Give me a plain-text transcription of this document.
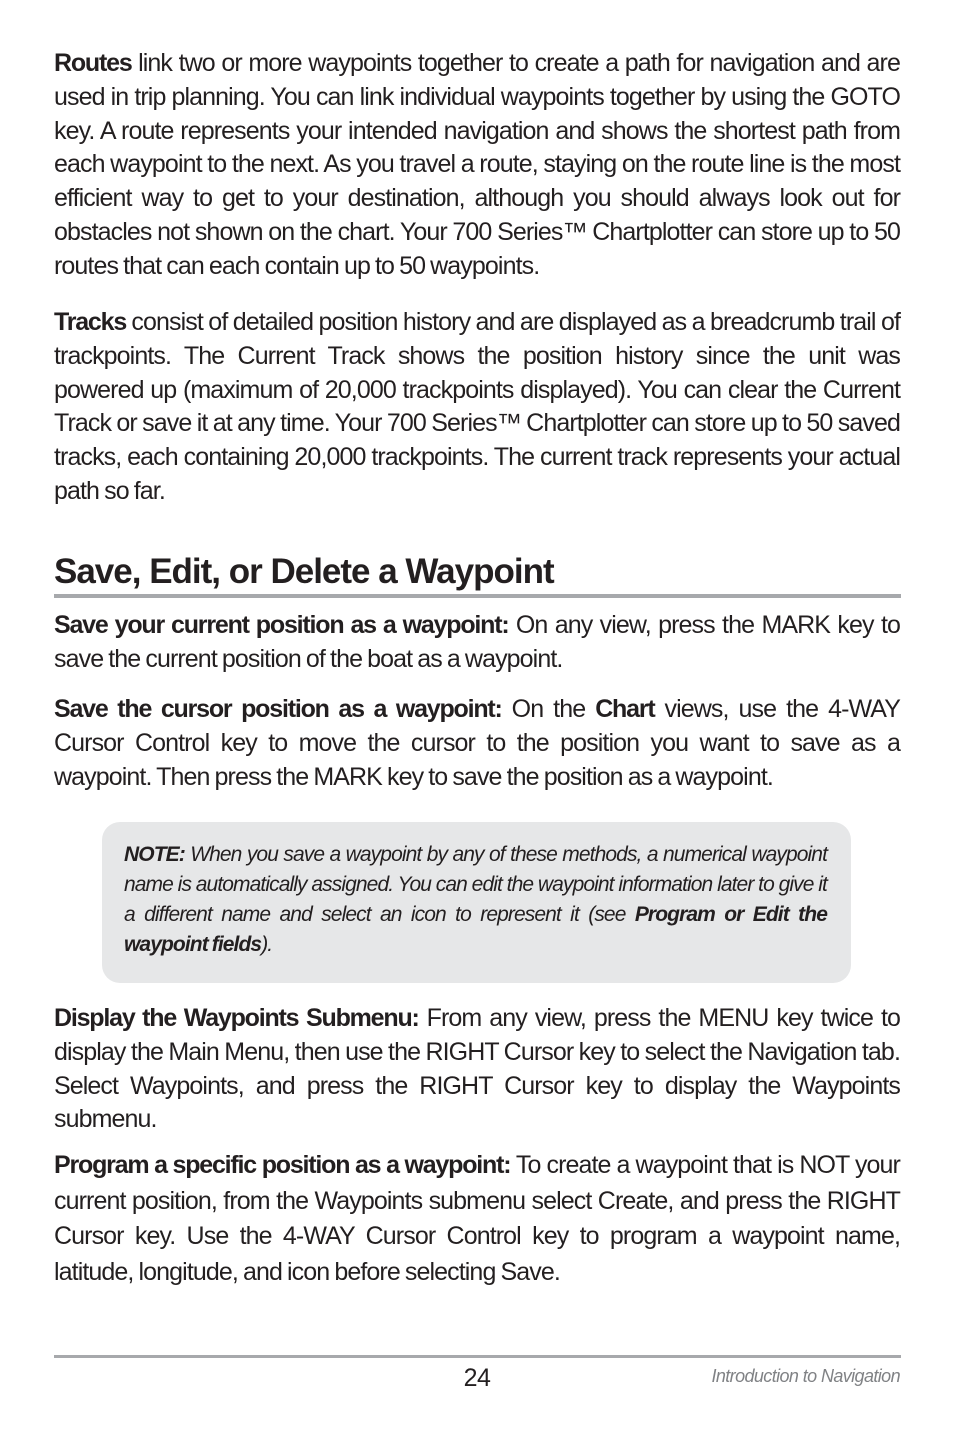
Routes link two or more waypoints together to create a path for navigation and are used in trip planning. You can link individual waypoints together by using the GOTO key. A route represents your intended navigation and shows the shortest path from each waypoint to the next. As you travel a route, staying on the route line is the most efficient way to get to your destination, although you should always look out for obstacles not shown on the chart. Your 700 Series™ Chartplotter can store up to 50 routes that can each contain up to 50 waypoints.

Tracks consist of detailed position history and are displayed as a breadcrumb trail of trackpoints. The Current Track shows the position history since the unit was powered up (maximum of 20,000 trackpoints displayed). You can clear the Current Track or save it at any time. Your 700 Series™ Chartplotter can store up to 50 saved tracks, each containing 20,000 trackpoints. The current track represents your actual path so far.

Save, Edit, or Delete a Waypoint

Save your current position as a waypoint: On any view, press the MARK key to save the current position of the boat as a waypoint.

Save the cursor position as a waypoint: On the Chart views, use the 4-WAY Cursor Control key to move the cursor to the position you want to save as a waypoint. Then press the MARK key to save the position as a waypoint.

NOTE: When you save a waypoint by any of these methods, a numerical waypoint name is automatically assigned. You can edit the waypoint information later to give it a different name and select an icon to represent it (see Program or Edit the waypoint fields).

Display the Waypoints Submenu: From any view, press the MENU key twice to display the Main Menu, then use the RIGHT Cursor key to select the Navigation tab. Select Waypoints, and press the RIGHT Cursor key to display the Waypoints submenu.

Program a specific position as a waypoint: To create a waypoint that is NOT your current position, from the Waypoints submenu select Create, and press the RIGHT Cursor key. Use the 4-WAY Cursor Control key to program a waypoint name, latitude, longitude, and icon before selecting Save.

24	Introduction to Navigation
